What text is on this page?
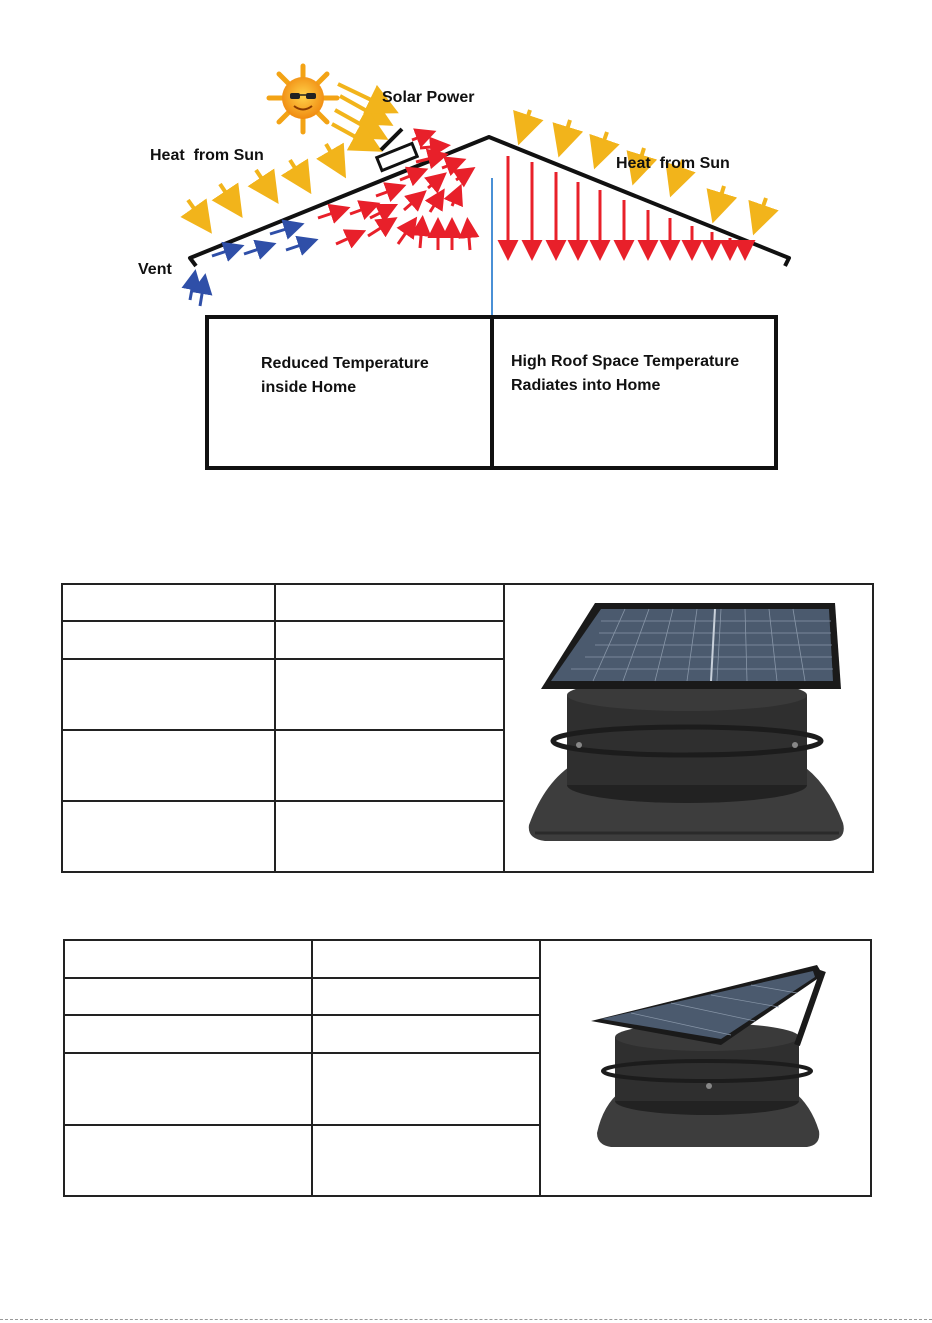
Solar Power
Heat  from Sun	Heat  from Sun
Vent
Reduced Temperature
inside Home
High Roof Space Temperature
Radiates into Home
